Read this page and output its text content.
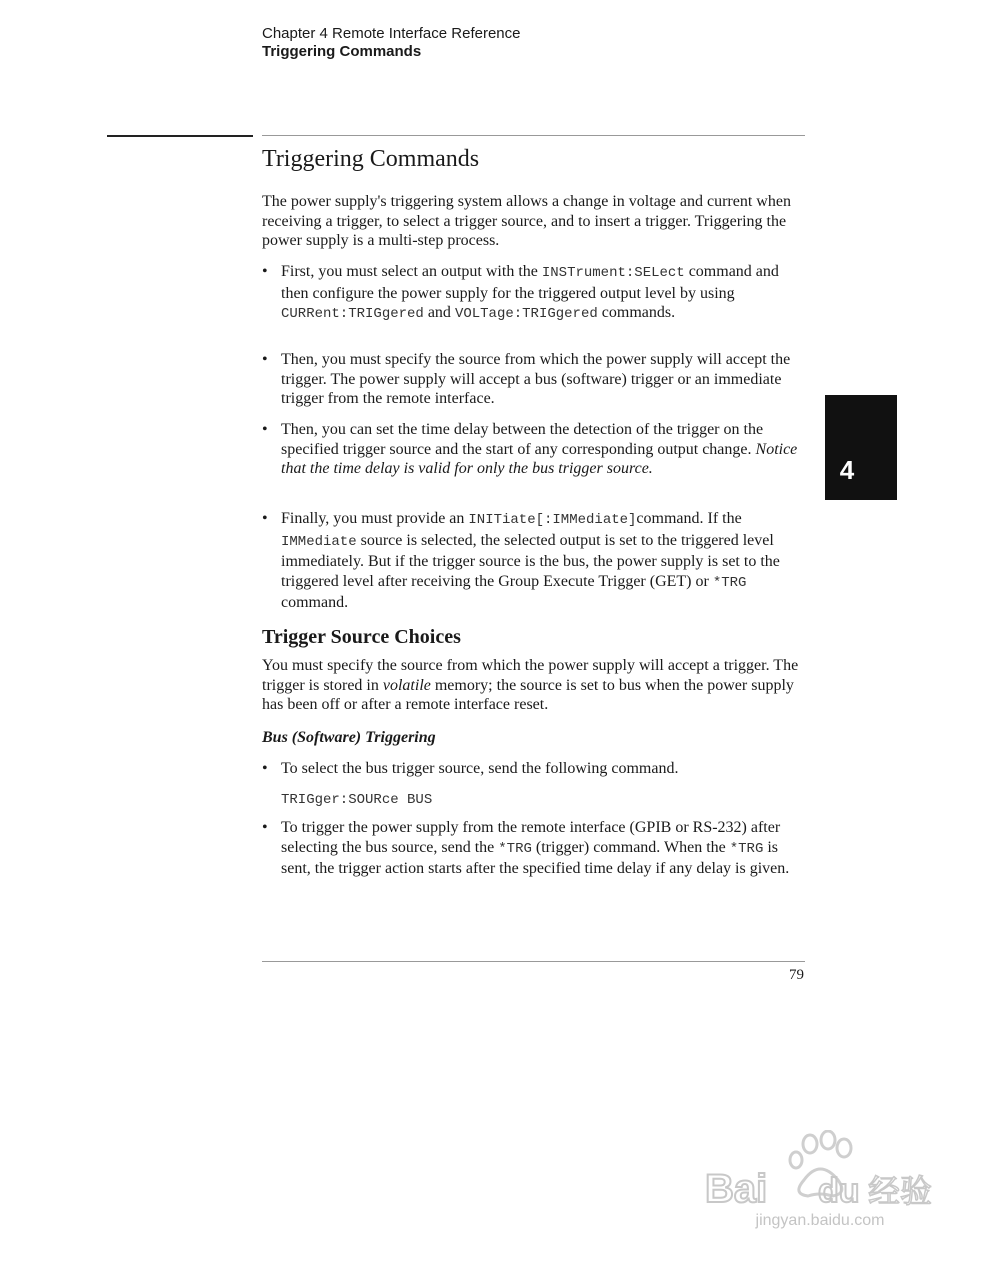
Chapter 4 Remote Interface Reference
Triggering Commands
Triggering Commands
The power supply's triggering system allows a change in voltage and current when receiving a trigger, to select a trigger source, and to insert a trigger. Triggering the power supply is a multi-step process.
• First, you must select an output with the INSTrument:SELect command and then configure the power supply for the triggered output level by using CURRent:TRIGgered and VOLTage:TRIGgered commands.
• Then, you must specify the source from which the power supply will accept the trigger. The power supply will accept a bus (software) trigger or an immediate trigger from the remote interface.
• Then, you can set the time delay between the detection of the trigger on the specified trigger source and the start of any corresponding output change. Notice that the time delay is valid for only the bus trigger source.
• Finally, you must provide an INITiate[:IMMediate]command. If the IMMediate source is selected, the selected output is set to the triggered level immediately. But if the trigger source is the bus, the power supply is set to the triggered level after receiving the Group Execute Trigger (GET) or *TRG command.
Trigger Source Choices
You must specify the source from which the power supply will accept a trigger. The trigger is stored in volatile memory; the source is set to bus when the power supply has been off or after a remote interface reset.
Bus (Software) Triggering
• To select the bus trigger source, send the following command.
TRIGger:SOURce BUS
• To trigger the power supply from the remote interface (GPIB or RS-232) after selecting the bus source, send the *TRG (trigger) command. When the *TRG is sent, the trigger action starts after the specified time delay if any delay is given.
4
79
Bai du 经验
jingyan.baidu.com
